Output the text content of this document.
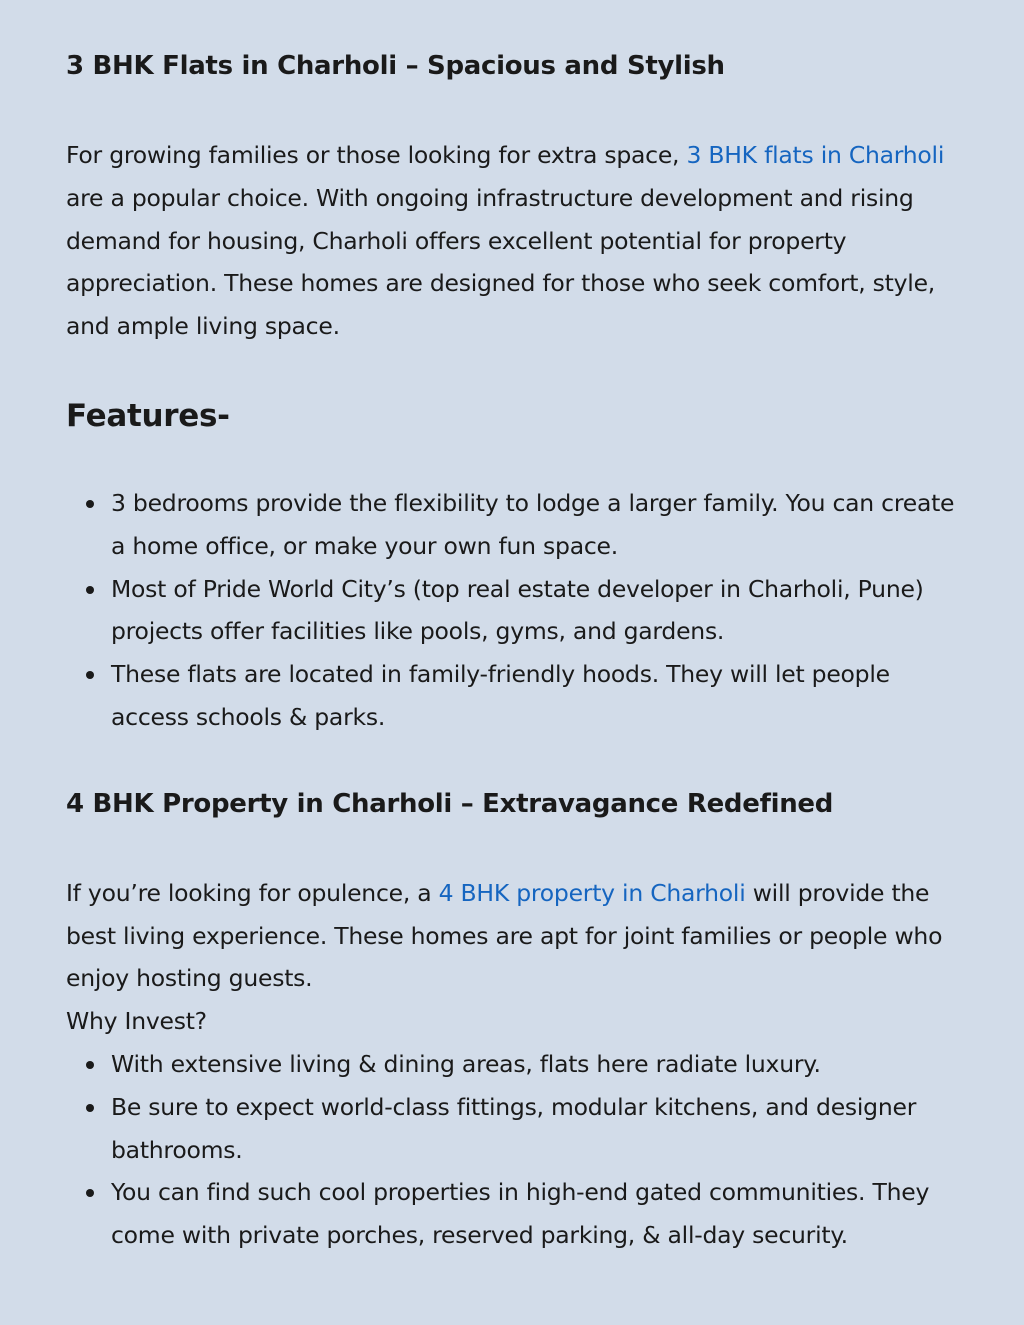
3 BHK Flats in Charholi – Spacious and Stylish

For growing families or those looking for extra space, 3 BHK flats in Charholi are a popular choice. With ongoing infrastructure development and rising demand for housing, Charholi offers excellent potential for property appreciation. These homes are designed for those who seek comfort, style, and ample living space.

Features-
3 bedrooms provide the flexibility to lodge a larger family. You can create a home office, or make your own fun space.
Most of Pride World City’s (top real estate developer in Charholi, Pune) projects offer facilities like pools, gyms, and gardens.
These flats are located in family-friendly hoods. They will let people access schools & parks.
4 BHK Property in Charholi – Extravagance Redefined

If you’re looking for opulence, a 4 BHK property in Charholi will provide the best living experience. These homes are apt for joint families or people who enjoy hosting guests.

Why Invest?

With extensive living & dining areas, flats here radiate luxury.
Be sure to expect world-class fittings, modular kitchens, and designer bathrooms.
You can find such cool properties in high-end gated communities. They come with private porches, reserved parking, & all-day security.
